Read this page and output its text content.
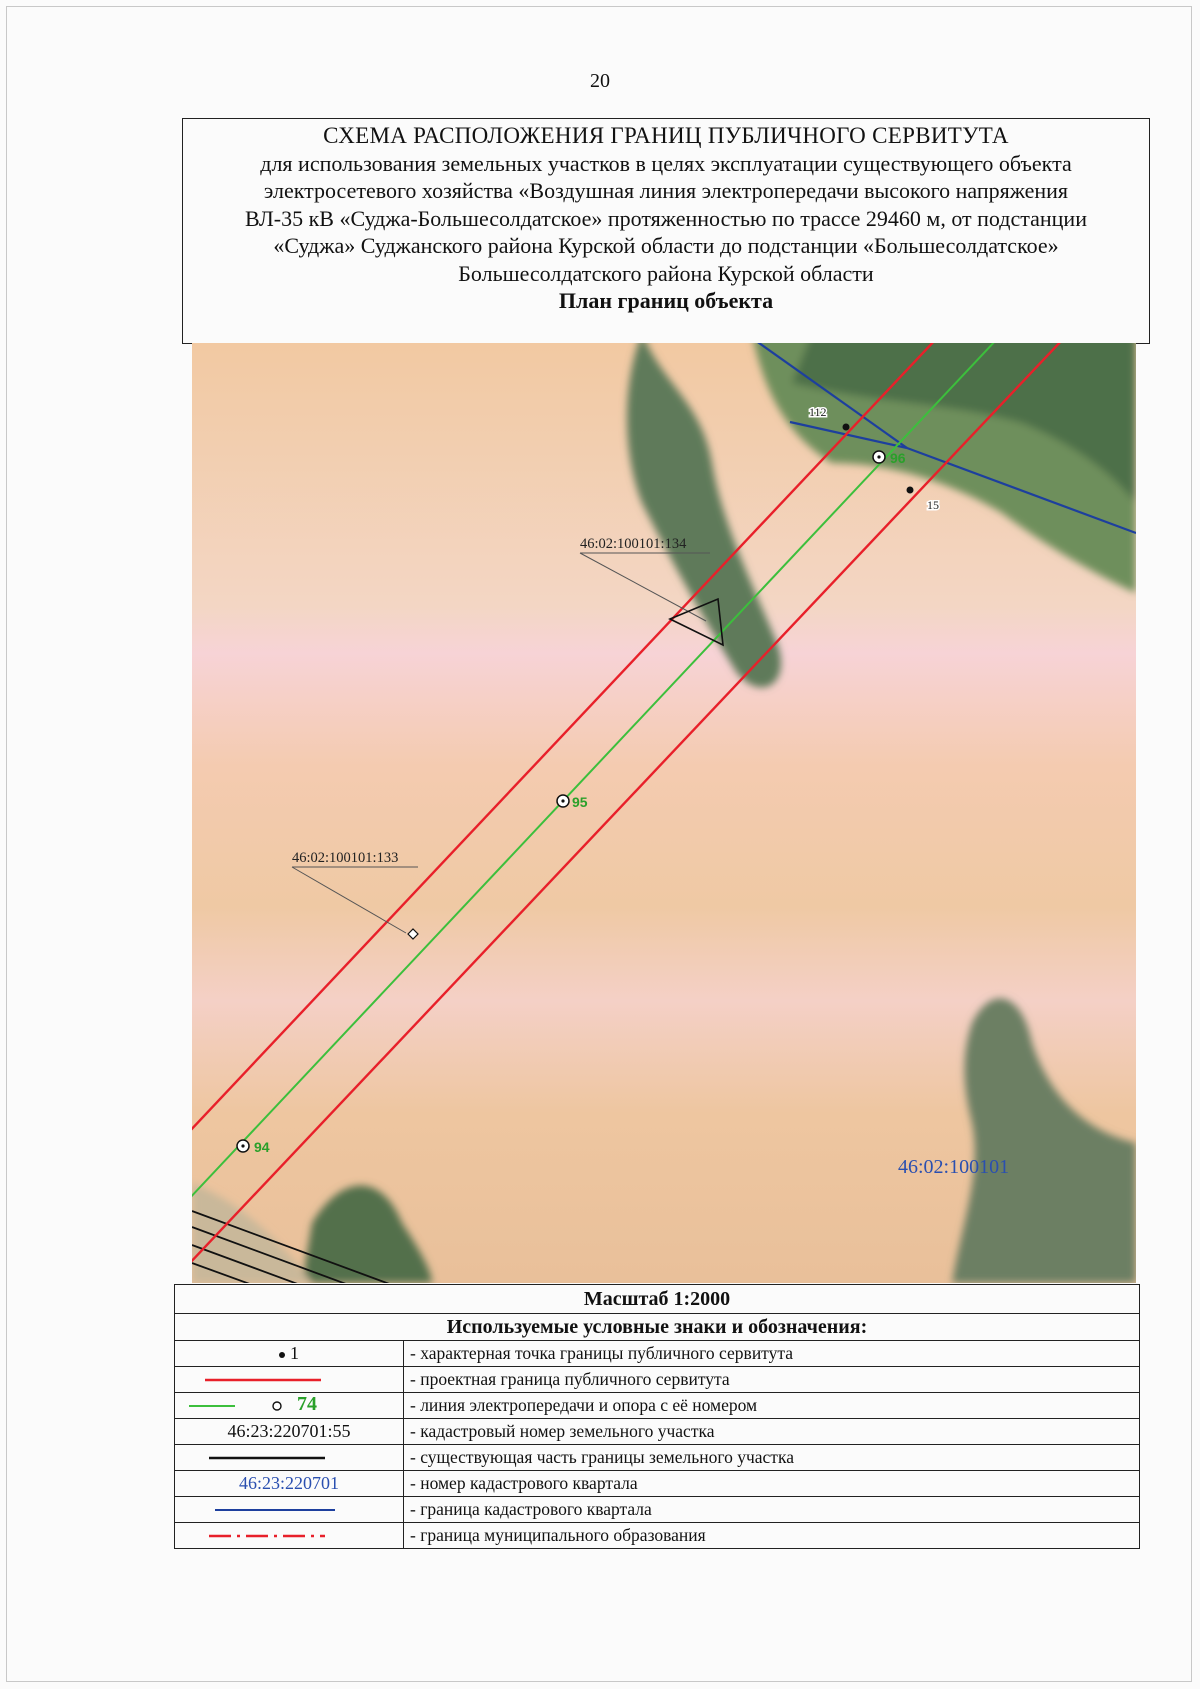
20
СХЕМА РАСПОЛОЖЕНИЯ ГРАНИЦ ПУБЛИЧНОГО СЕРВИТУТА
для использования земельных участков в целях эксплуатации существующего объекта
электросетевого хозяйства «Воздушная линия электропередачи высокого напряжения
ВЛ-35 кВ «Суджа-Большесолдатское» протяженностью по трассе 29460 м, от подстанции
«Суджа» Суджанского района Курской области до подстанции «Большесолдатское»
Большесолдатского района Курской области
План границ объекта
112
15
96
95
94
46:02:100101:134
46:02:100101:133
46:02:100101
Масштаб 1:2000	
Используемые условные знаки и обозначения:	
1	- характерная точка границы публичного сервитута

	- проектная граница публичного сервитута

74	- линия электропередачи и опора с её номером
46:23:220701:55	- кадастровый номер земельного участка

	- существующая часть границы земельного участка
46:23:220701	- номер кадастрового квартала

	- граница кадастрового квартала

	- граница муниципального образования
